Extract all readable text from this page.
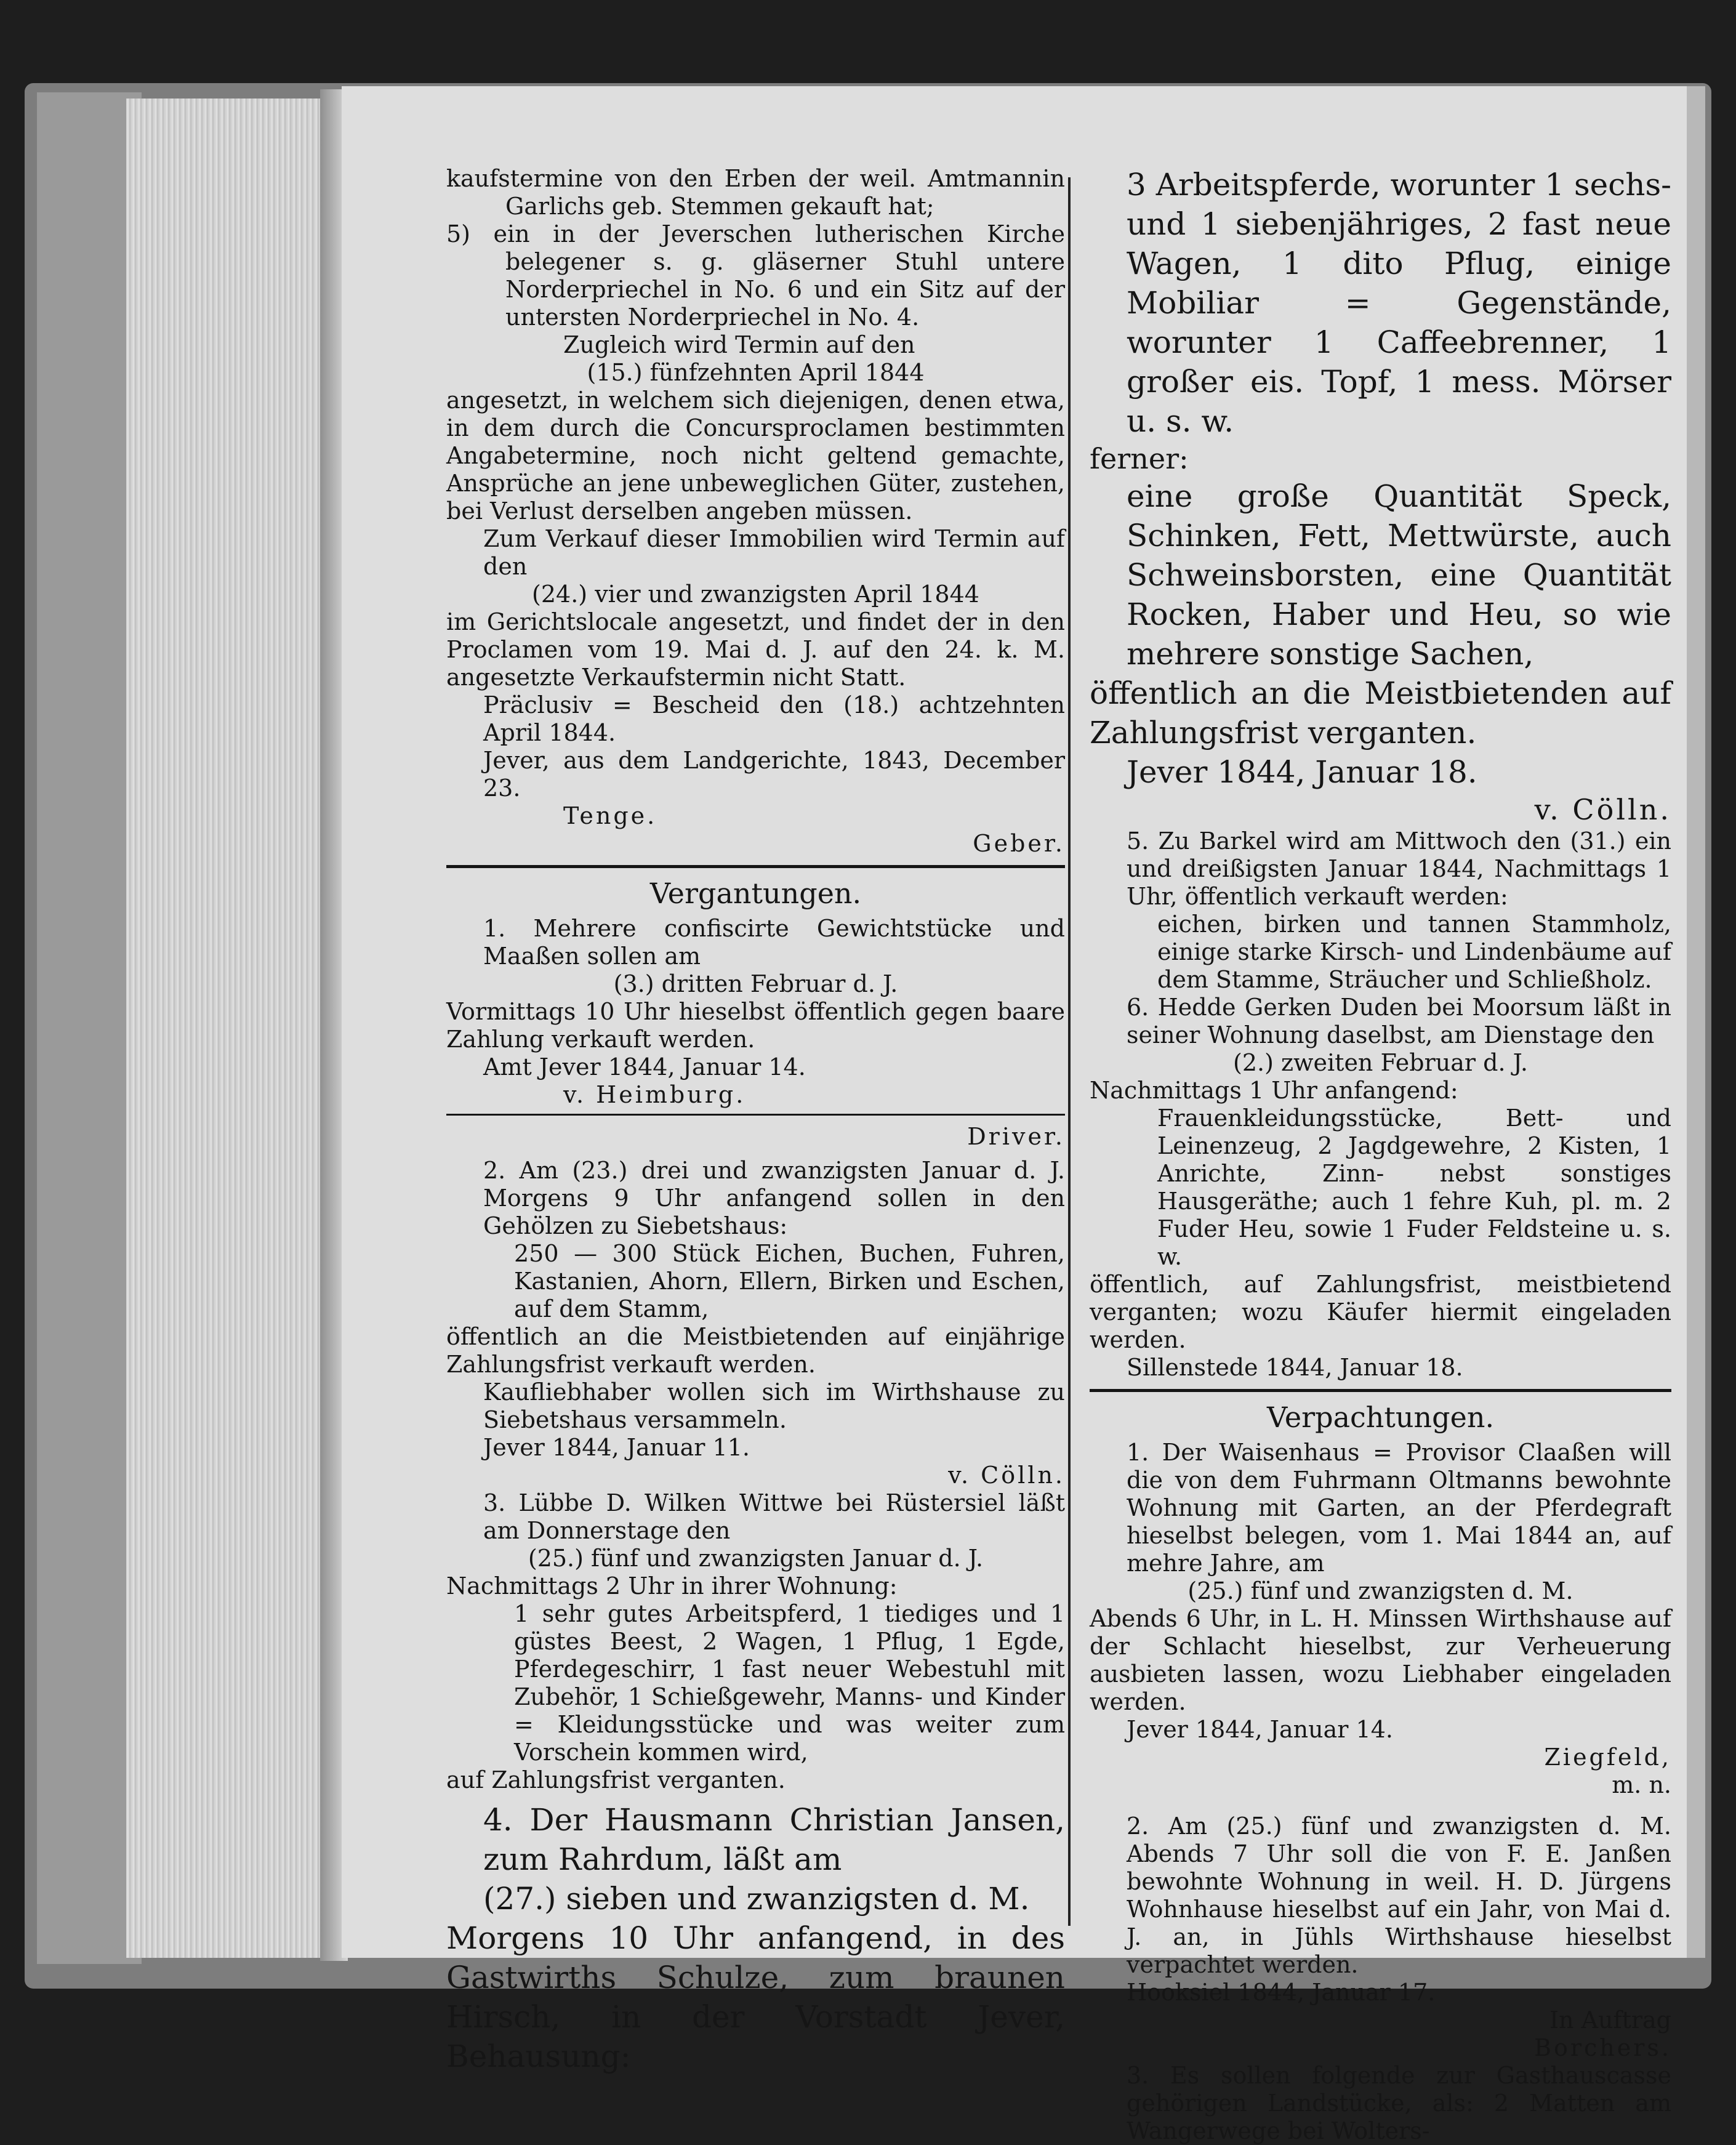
kaufstermine von den Erben der weil. Amtmannin Garlichs geb. Stemmen gekauft hat;

5) ein in der Jeverschen lutherischen Kirche belegener s. g. gläserner Stuhl untere Norderpriechel in No. 6 und ein Sitz auf der untersten Norderpriechel in No. 4.

Zugleich wird Termin auf den

(15.) fünfzehnten April 1844

angesetzt, in welchem sich diejenigen, denen etwa, in dem durch die Concursproclamen bestimmten Angabetermine, noch nicht geltend gemachte, Ansprüche an jene unbeweglichen Güter, zustehen, bei Verlust derselben angeben müssen.

Zum Verkauf dieser Immobilien wird Termin auf den

(24.) vier und zwanzigsten April 1844

im Gerichtslocale angesetzt, und findet der in den Proclamen vom 19. Mai d. J. auf den 24. k. M. angesetzte Verkaufstermin nicht Statt.

Präclusiv = Bescheid den (18.) achtzehnten April 1844.

Jever, aus dem Landgerichte, 1843, December 23.

Tenge.

Geber.

Vergantungen.

1. Mehrere confiscirte Gewichtstücke und Maaßen sollen am

(3.) dritten Februar d. J.

Vormittags 10 Uhr hieselbst öffentlich gegen baare Zahlung verkauft werden.

Amt Jever 1844, Januar 14.

v. Heimburg.

Driver.

2. Am (23.) drei und zwanzigsten Januar d. J. Morgens 9 Uhr anfangend sollen in den Gehölzen zu Siebetshaus:

250 — 300 Stück Eichen, Buchen, Fuhren, Kastanien, Ahorn, Ellern, Birken und Eschen, auf dem Stamm,

öffentlich an die Meistbietenden auf einjährige Zahlungsfrist verkauft werden.

Kaufliebhaber wollen sich im Wirthshause zu Siebetshaus versammeln.

Jever 1844, Januar 11.

v. Cölln.

3. Lübbe D. Wilken Wittwe bei Rüstersiel läßt am Donnerstage den

(25.) fünf und zwanzigsten Januar d. J.

Nachmittags 2 Uhr in ihrer Wohnung:

1 sehr gutes Arbeitspferd, 1 tiediges und 1 güstes Beest, 2 Wagen, 1 Pflug, 1 Egde, Pferdegeschirr, 1 fast neuer Webestuhl mit Zubehör, 1 Schießgewehr, Manns- und Kinder = Kleidungsstücke und was weiter zum Vorschein kommen wird,

auf Zahlungsfrist verganten.

4. Der Hausmann Christian Jansen, zum Rahrdum, läßt am

(27.) sieben und zwanzigsten d. M.

Morgens 10 Uhr anfangend, in des Gastwirths Schulze, zum braunen Hirsch, in der Vorstadt Jever, Behausung:

3 Arbeitspferde, worunter 1 sechs- und 1 siebenjähriges, 2 fast neue Wagen, 1 dito Pflug, einige Mobiliar = Gegenstände, worunter 1 Caffeebrenner, 1 großer eis. Topf, 1 mess. Mörser u. s. w.

ferner:

eine große Quantität Speck, Schinken, Fett, Mettwürste, auch Schweinsborsten, eine Quantität Rocken, Haber und Heu, so wie mehrere sonstige Sachen,

öffentlich an die Meistbietenden auf Zahlungsfrist verganten.

Jever 1844, Januar 18.

v. Cölln.

5. Zu Barkel wird am Mittwoch den (31.) ein und dreißigsten Januar 1844, Nachmittags 1 Uhr, öffentlich verkauft werden:

eichen, birken und tannen Stammholz, einige starke Kirsch- und Lindenbäume auf dem Stamme, Sträucher und Schließholz.

6. Hedde Gerken Duden bei Moorsum läßt in seiner Wohnung daselbst, am Dienstage den

(2.) zweiten Februar d. J.

Nachmittags 1 Uhr anfangend:

Frauenkleidungsstücke, Bett- und Leinenzeug, 2 Jagdgewehre, 2 Kisten, 1 Anrichte, Zinn- nebst sonstiges Hausgeräthe; auch 1 fehre Kuh, pl. m. 2 Fuder Heu, sowie 1 Fuder Feldsteine u. s. w.

öffentlich, auf Zahlungsfrist, meistbietend verganten; wozu Käufer hiermit eingeladen werden.

Sillenstede 1844, Januar 18.

Verpachtungen.

1. Der Waisenhaus = Provisor Claaßen will die von dem Fuhrmann Oltmanns bewohnte Wohnung mit Garten, an der Pferdegraft hieselbst belegen, vom 1. Mai 1844 an, auf mehre Jahre, am

(25.) fünf und zwanzigsten d. M.

Abends 6 Uhr, in L. H. Minssen Wirthshause auf der Schlacht hieselbst, zur Verheuerung ausbieten lassen, wozu Liebhaber eingeladen werden.

Jever 1844, Januar 14.

Ziegfeld,

m. n.

2. Am (25.) fünf und zwanzigsten d. M. Abends 7 Uhr soll die von F. E. Janßen bewohnte Wohnung in weil. H. D. Jürgens Wohnhause hieselbst auf ein Jahr, von Mai d. J. an, in Jühls Wirthshause hieselbst verpachtet werden.

Hooksiel 1844, Januar 17.

In Auftrag

Borchers.

3. Es sollen folgende zur Gasthauscasse gehörigen Landstücke, als: 2 Matten am Wangerwege bei Wolters-
